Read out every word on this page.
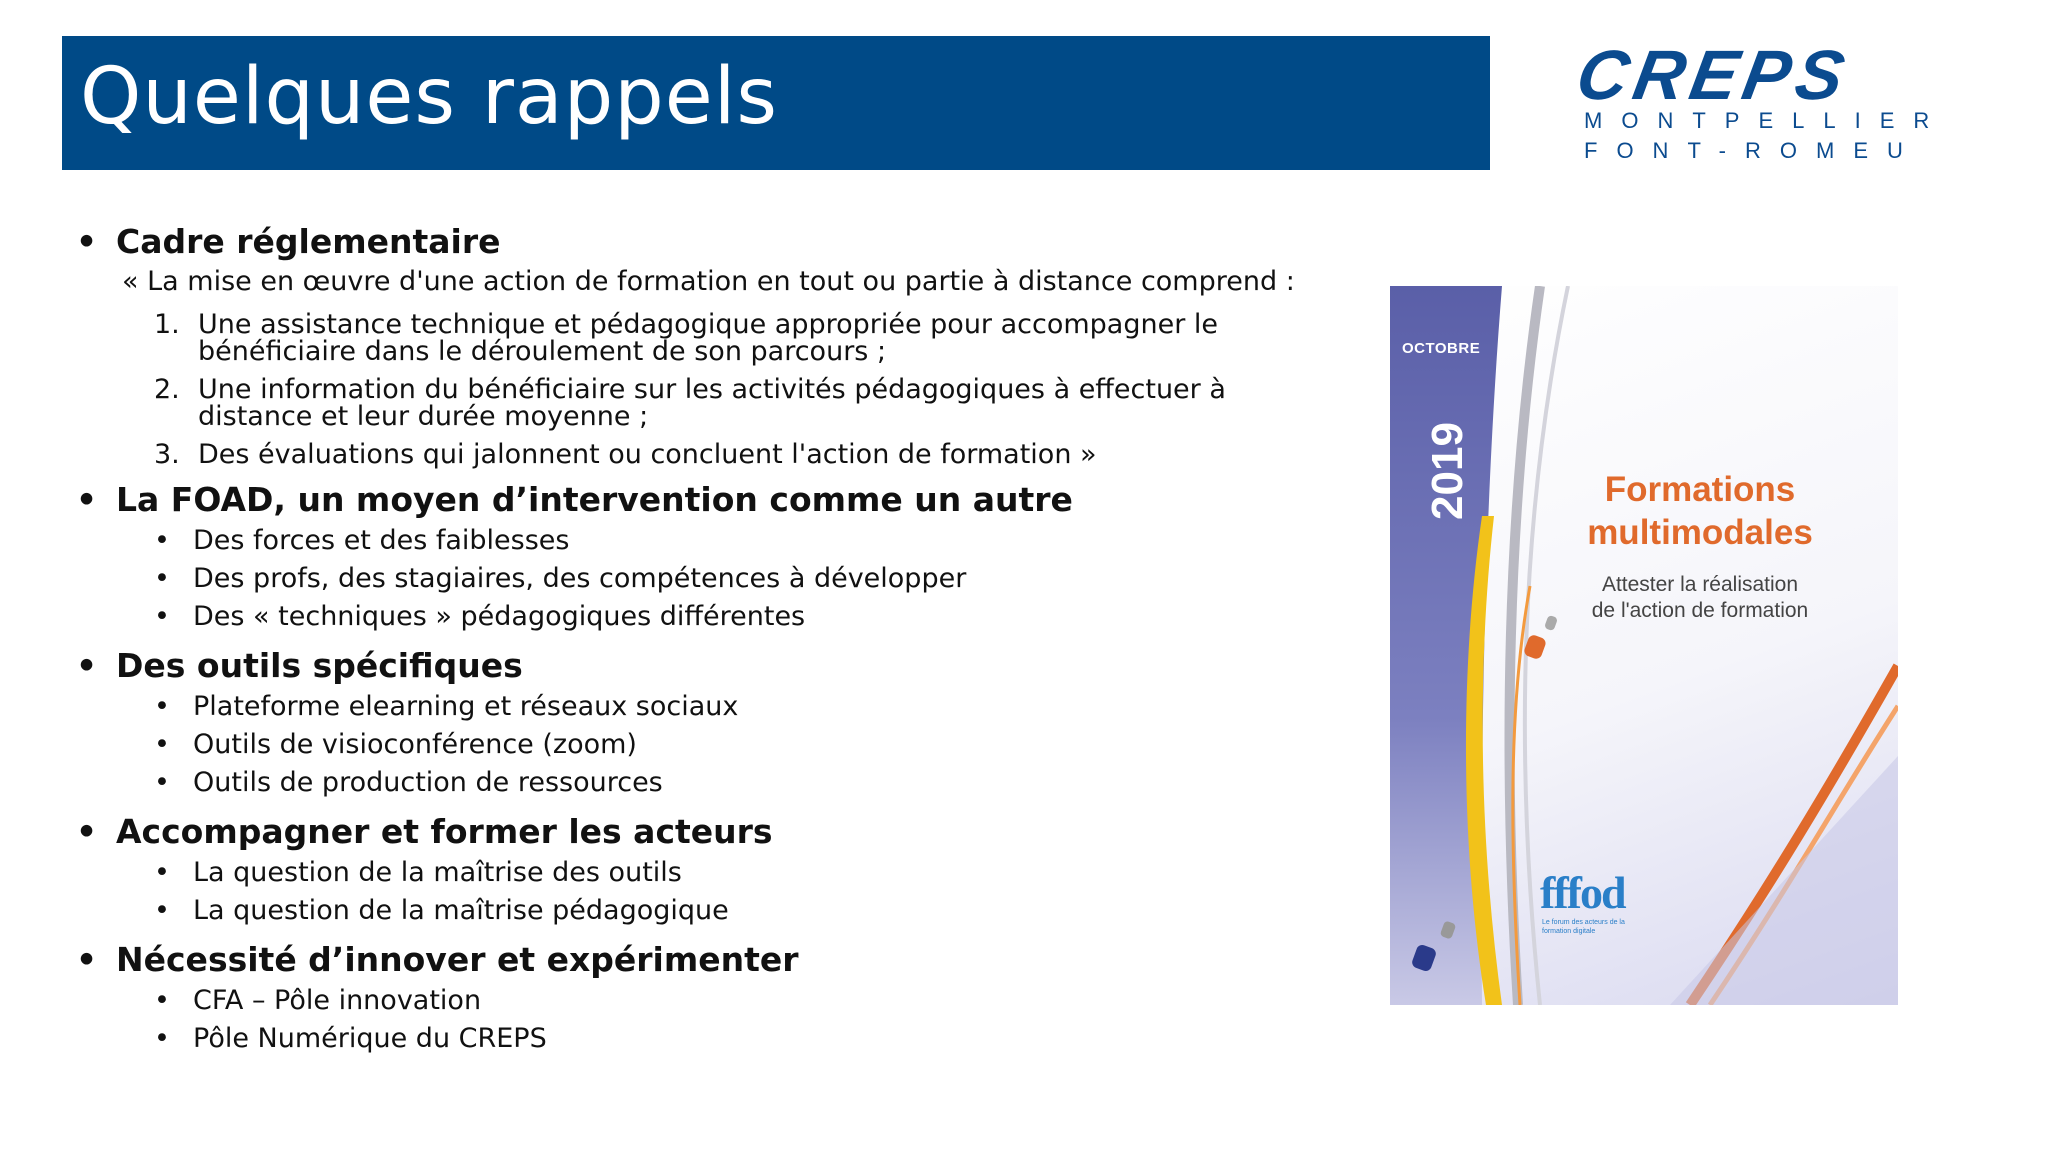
Quelques rappels	CREPS
MONTPELLIER
FONT-ROMEU
• Cadre réglementaire
« La mise en œuvre d'une action de formation en tout ou partie à distance comprend :
1. Une assistance technique et pédagogique appropriée pour accompagner le bénéficiaire dans le déroulement de son parcours ;
2. Une information du bénéficiaire sur les activités pédagogiques à effectuer à distance et leur durée moyenne ;
3. Des évaluations qui jalonnent ou concluent l'action de formation »
• La FOAD, un moyen d’intervention comme un autre
• Des forces et des faiblesses
• Des profs, des stagiaires, des compétences à développer
• Des « techniques » pédagogiques différentes
• Des outils spécifiques
• Plateforme elearning et réseaux sociaux
• Outils de visioconférence (zoom)
• Outils de production de ressources
• Accompagner et former les acteurs
• La question de la maîtrise des outils
• La question de la maîtrise pédagogique
• Nécessité d’innover et expérimenter
• CFA – Pôle innovation
• Pôle Numérique du CREPS
OCTOBRE
2019	Formations
multimodales
Attester la réalisation
de l'action de formation
fffod
Le forum des acteurs de la formation digitale
